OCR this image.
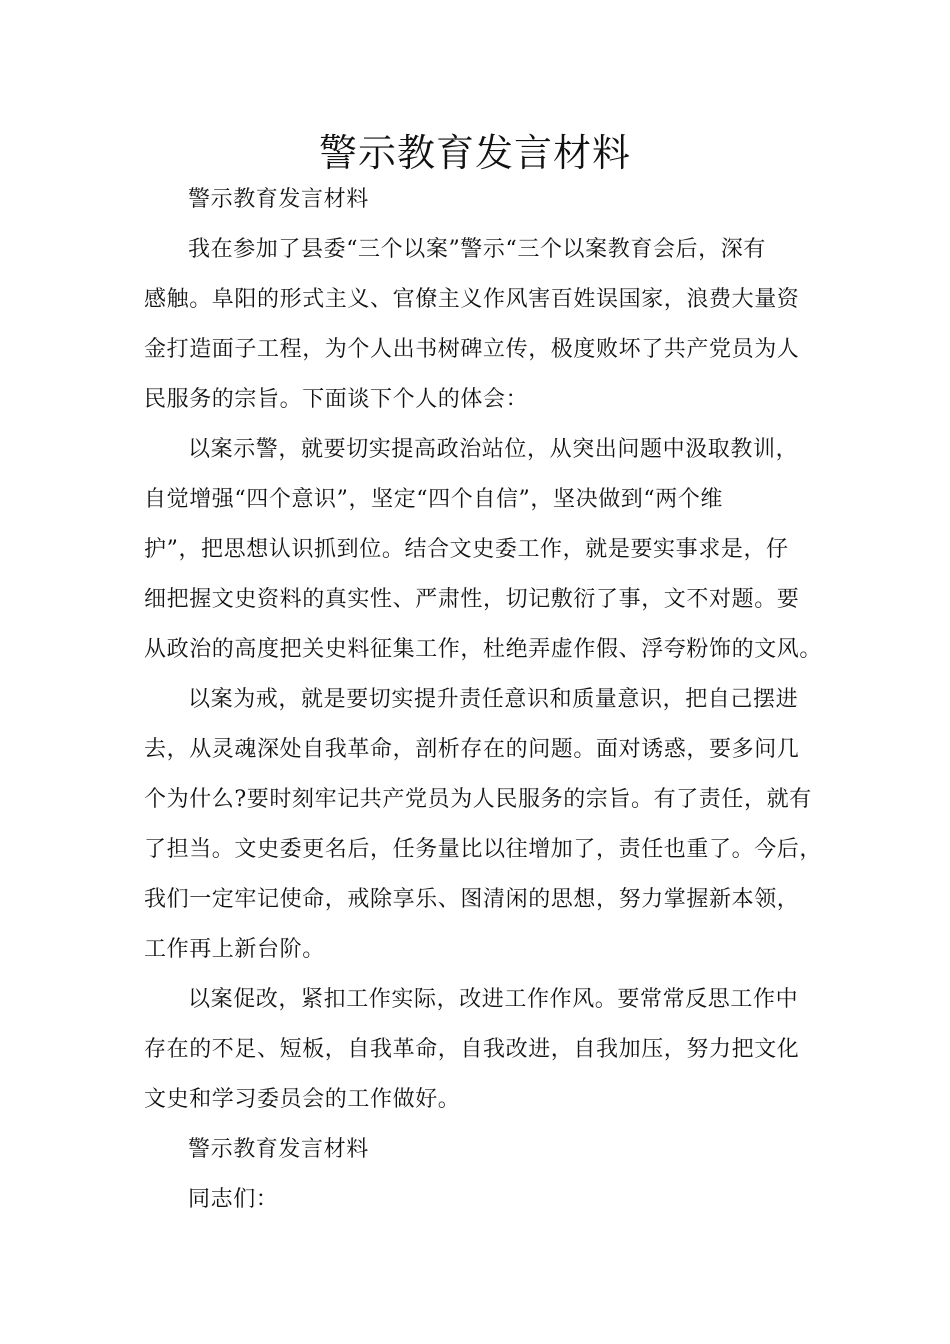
警示教育发言材料
警示教育发言材料
我在参加了县委“三个以案”警示“三个以案教育会后，深有
感触。阜阳的形式主义、官僚主义作风害百姓误国家，浪费大量资
金打造面子工程，为个人出书树碑立传，极度败坏了共产党员为人
民服务的宗旨。下面谈下个人的体会：
以案示警，就要切实提高政治站位，从突出问题中汲取教训，
自觉增强“四个意识”，坚定“四个自信”，坚决做到“两个维
护”，把思想认识抓到位。结合文史委工作，就是要实事求是，仔
细把握文史资料的真实性、严肃性，切记敷衍了事，文不对题。要
从政治的高度把关史料征集工作，杜绝弄虚作假、浮夸粉饰的文风。
以案为戒，就是要切实提升责任意识和质量意识，把自己摆进
去，从灵魂深处自我革命，剖析存在的问题。面对诱惑，要多问几
个为什么?要时刻牢记共产党员为人民服务的宗旨。有了责任，就有
了担当。文史委更名后，任务量比以往增加了，责任也重了。今后，
我们一定牢记使命，戒除享乐、图清闲的思想，努力掌握新本领，
工作再上新台阶。
以案促改，紧扣工作实际，改进工作作风。要常常反思工作中
存在的不足、短板，自我革命，自我改进，自我加压，努力把文化
文史和学习委员会的工作做好。
警示教育发言材料
同志们：
